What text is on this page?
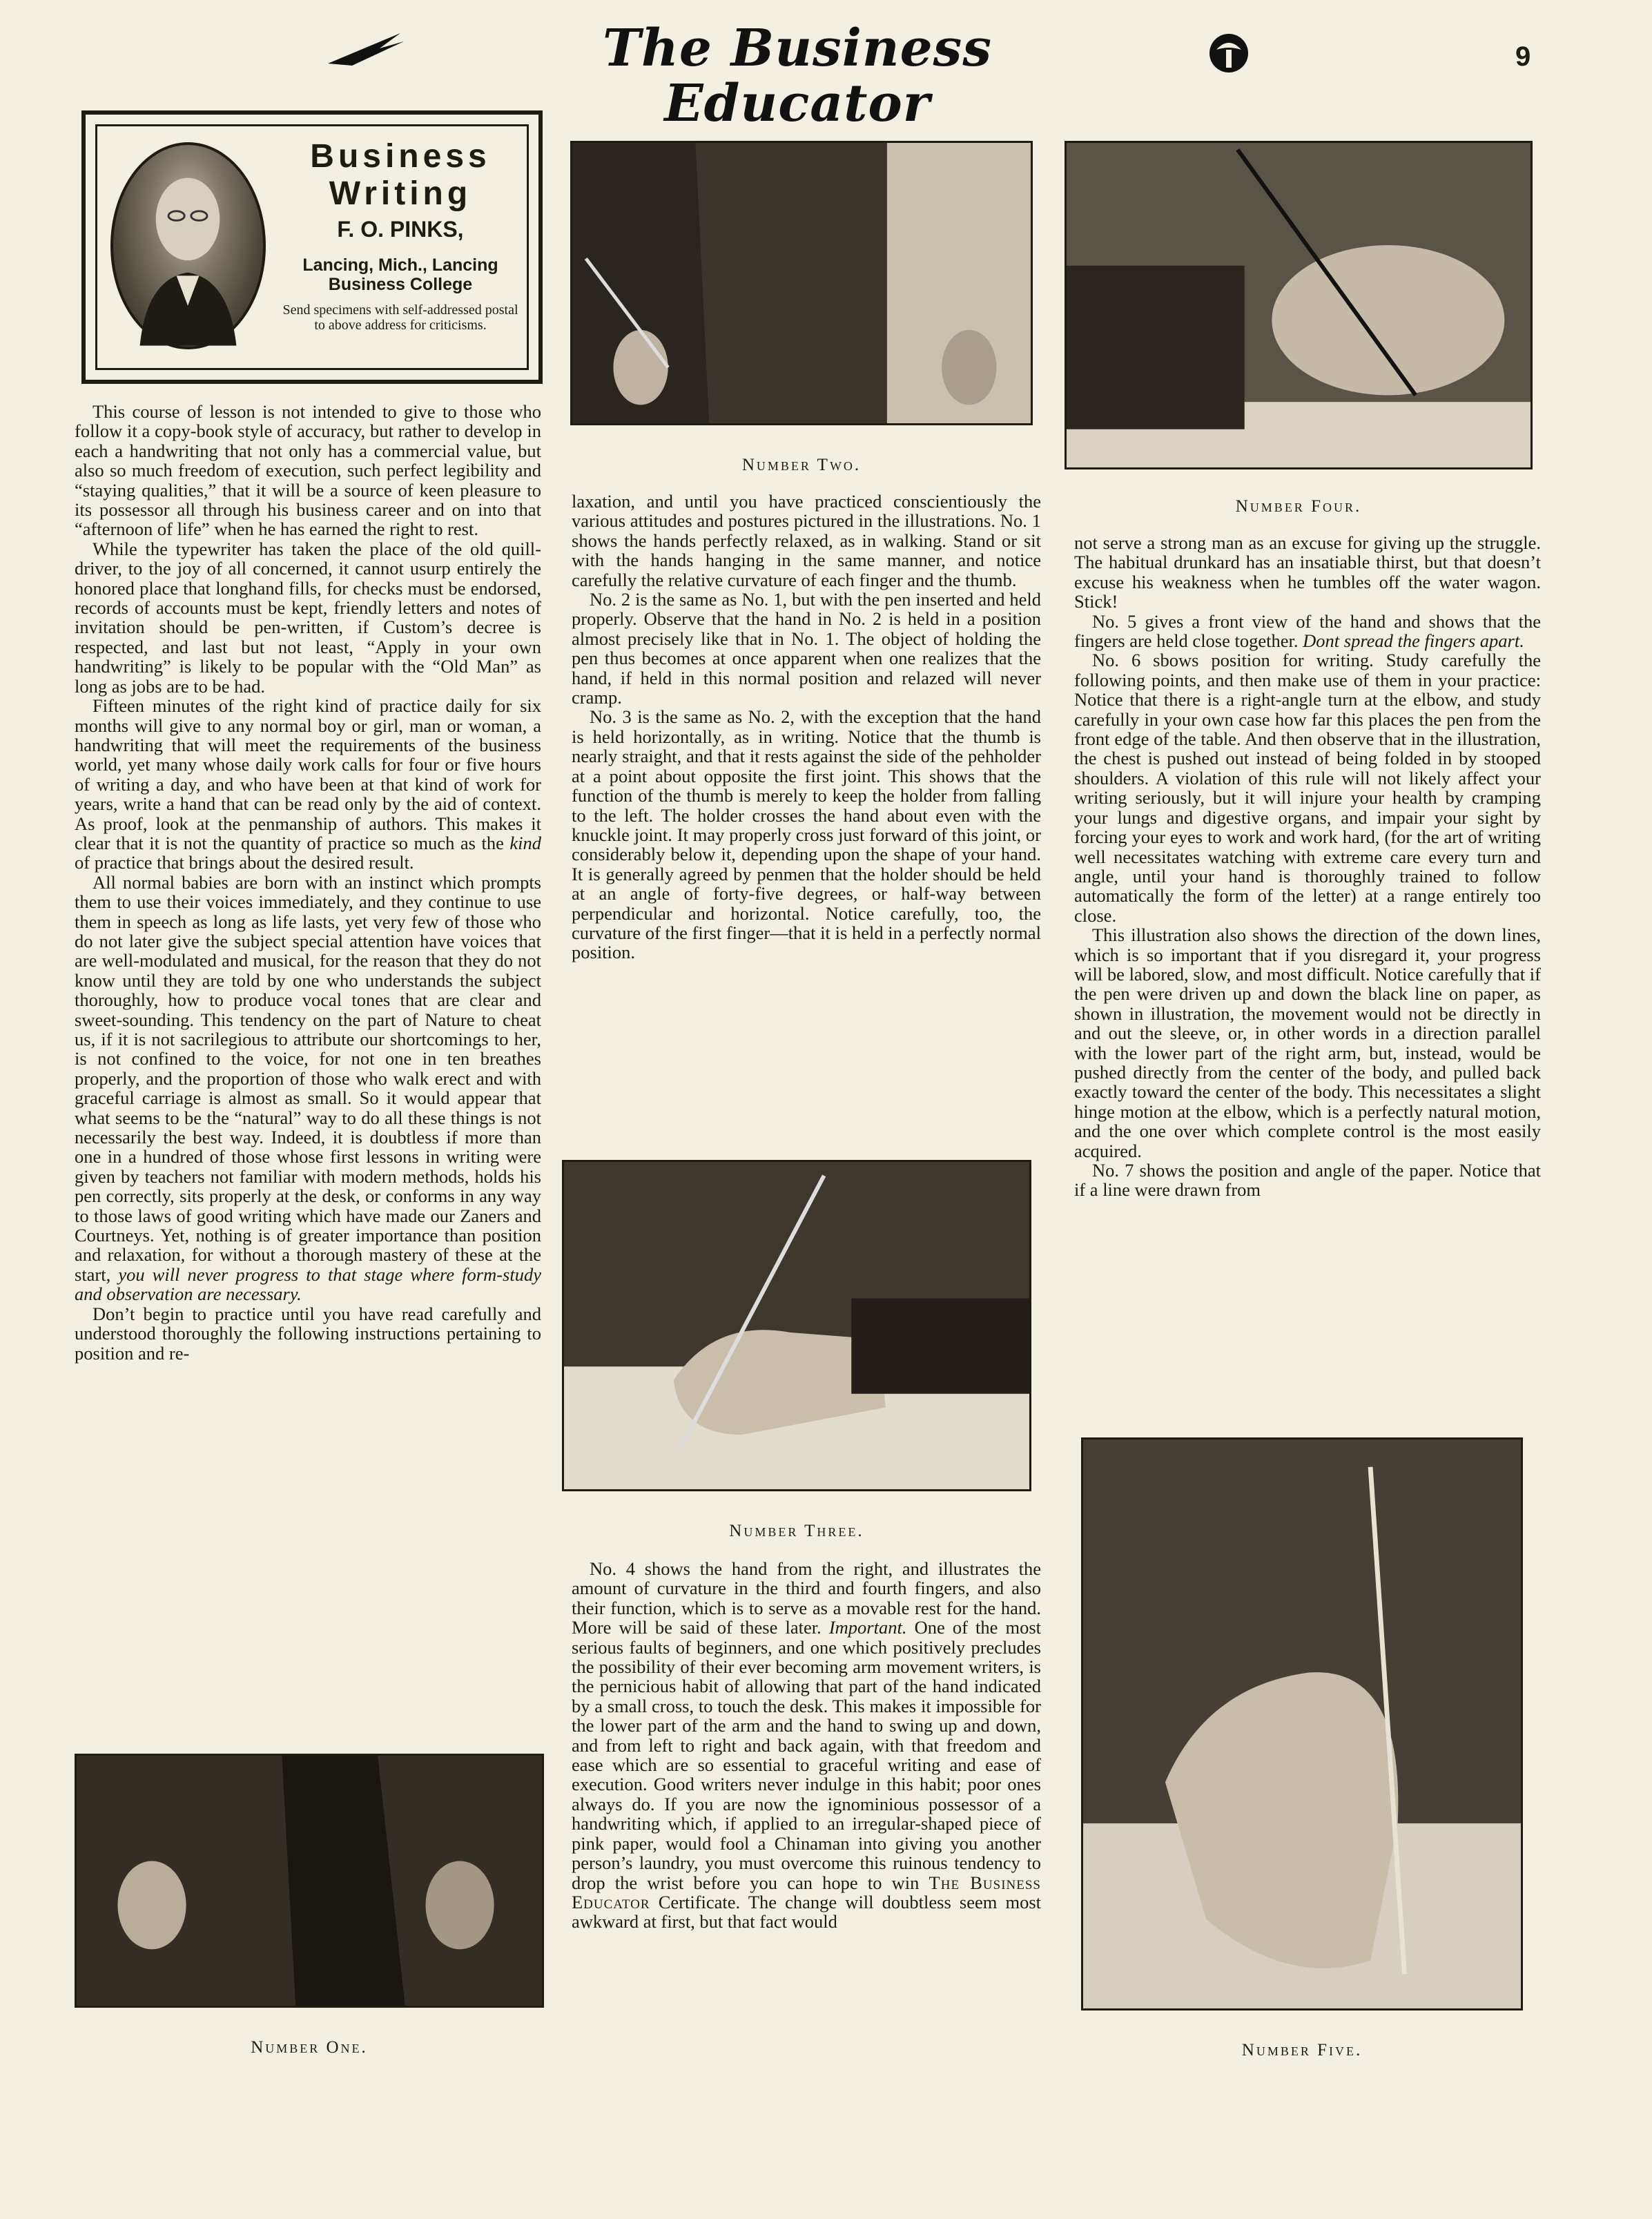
The Business Educator
9
Business Writing
F. O. PINKS,
Lancing, Mich., Lancing Business College
Send specimens with self-addressed postal to above address for criticisms.
Number Two.
Number Four.
Number Three.
Number One.	Number Five.

This course of lesson is not intended to give to those who follow it a copy-book style of accuracy, but rather to develop in each a handwriting that not only has a commercial value, but also so much freedom of execution, such perfect legibility and “staying qualities,” that it will be a source of keen pleasure to its possessor all through his business career and on into that “afternoon of life” when he has earned the right to rest.

While the typewriter has taken the place of the old quill-driver, to the joy of all concerned, it cannot usurp entirely the honored place that longhand fills, for checks must be endorsed, records of accounts must be kept, friendly letters and notes of invitation should be pen-written, if Custom’s decree is respected, and last but not least, “Apply in your own handwriting” is likely to be popular with the “Old Man” as long as jobs are to be had.

Fifteen minutes of the right kind of practice daily for six months will give to any normal boy or girl, man or woman, a handwriting that will meet the requirements of the business world, yet many whose daily work calls for four or five hours of writing a day, and who have been at that kind of work for years, write a hand that can be read only by the aid of context. As proof, look at the penmanship of authors. This makes it clear that it is not the quantity of practice so much as the kind of practice that brings about the desired result.

All normal babies are born with an instinct which prompts them to use their voices immediately, and they continue to use them in speech as long as life lasts, yet very few of those who do not later give the subject special attention have voices that are well-modulated and musical, for the reason that they do not know until they are told by one who understands the subject thoroughly, how to produce vocal tones that are clear and sweet-sounding. This tendency on the part of Nature to cheat us, if it is not sacrilegious to attribute our shortcomings to her, is not confined to the voice, for not one in ten breathes properly, and the proportion of those who walk erect and with graceful carriage is almost as small. So it would appear that what seems to be the “natural” way to do all these things is not necessarily the best way. Indeed, it is doubtless if more than one in a hundred of those whose first lessons in writing were given by teachers not familiar with modern methods, holds his pen correctly, sits properly at the desk, or conforms in any way to those laws of good writing which have made our Zaners and Courtneys. Yet, nothing is of greater importance than position and relaxation, for without a thorough mastery of these at the start, you will never progress to that stage where form-study and observation are necessary.

Don’t begin to practice until you have read carefully and understood thoroughly the following instructions pertaining to position and re-

laxation, and until you have practiced conscientiously the various attitudes and postures pictured in the illustrations. No. 1 shows the hands perfectly relaxed, as in walking. Stand or sit with the hands hanging in the same manner, and notice carefully the relative curvature of each finger and the thumb.

No. 2 is the same as No. 1, but with the pen inserted and held properly. Observe that the hand in No. 2 is held in a position almost precisely like that in No. 1. The object of holding the pen thus becomes at once apparent when one realizes that the hand, if held in this normal position and relazed will never cramp.

No. 3 is the same as No. 2, with the exception that the hand is held horizontally, as in writing. Notice that the thumb is nearly straight, and that it rests against the side of the pehholder at a point about opposite the first joint. This shows that the function of the thumb is merely to keep the holder from falling to the left. The holder crosses the hand about even with the knuckle joint. It may properly cross just forward of this joint, or considerably below it, depending upon the shape of your hand. It is generally agreed by penmen that the holder should be held at an angle of forty-five degrees, or half-way between perpendicular and horizontal. Notice carefully, too, the curvature of the first finger—that it is held in a perfectly normal position.

No. 4 shows the hand from the right, and illustrates the amount of curvature in the third and fourth fingers, and also their function, which is to serve as a movable rest for the hand. More will be said of these later. Important. One of the most serious faults of beginners, and one which positively precludes the possibility of their ever becoming arm movement writers, is the pernicious habit of allowing that part of the hand indicated by a small cross, to touch the desk. This makes it impossible for the lower part of the arm and the hand to swing up and down, and from left to right and back again, with that freedom and ease which are so essential to graceful writing and ease of execution. Good writers never indulge in this habit; poor ones always do. If you are now the ignominious possessor of a handwriting which, if applied to an irregular-shaped piece of pink paper, would fool a Chinaman into giving you another person’s laundry, you must overcome this ruinous tendency to drop the wrist before you can hope to win The Business Educator Certificate. The change will doubtless seem most awkward at first, but that fact would

not serve a strong man as an excuse for giving up the struggle. The habitual drunkard has an insatiable thirst, but that doesn’t excuse his weakness when he tumbles off the water wagon. Stick!

No. 5 gives a front view of the hand and shows that the fingers are held close together. Dont spread the fingers apart.

No. 6 sbows position for writing. Study carefully the following points, and then make use of them in your practice: Notice that there is a right-angle turn at the elbow, and study carefully in your own case how far this places the pen from the front edge of the table. And then observe that in the illustration, the chest is pushed out instead of being folded in by stooped shoulders. A violation of this rule will not likely affect your writing seriously, but it will injure your health by cramping your lungs and digestive organs, and impair your sight by forcing your eyes to work and work hard, (for the art of writing well necessitates watching with extreme care every turn and angle, until your hand is thoroughly trained to follow automatically the form of the letter) at a range entirely too close.

This illustration also shows the direction of the down lines, which is so important that if you disregard it, your progress will be labored, slow, and most difficult. Notice carefully that if the pen were driven up and down the black line on paper, as shown in illustration, the movement would not be directly in and out the sleeve, or, in other words in a direction parallel with the lower part of the right arm, but, instead, would be pushed directly from the center of the body, and pulled back exactly toward the center of the body. This necessitates a slight hinge motion at the elbow, which is a perfectly natural motion, and the one over which complete control is the most easily acquired.

No. 7 shows the position and angle of the paper. Notice that if a line were drawn from
